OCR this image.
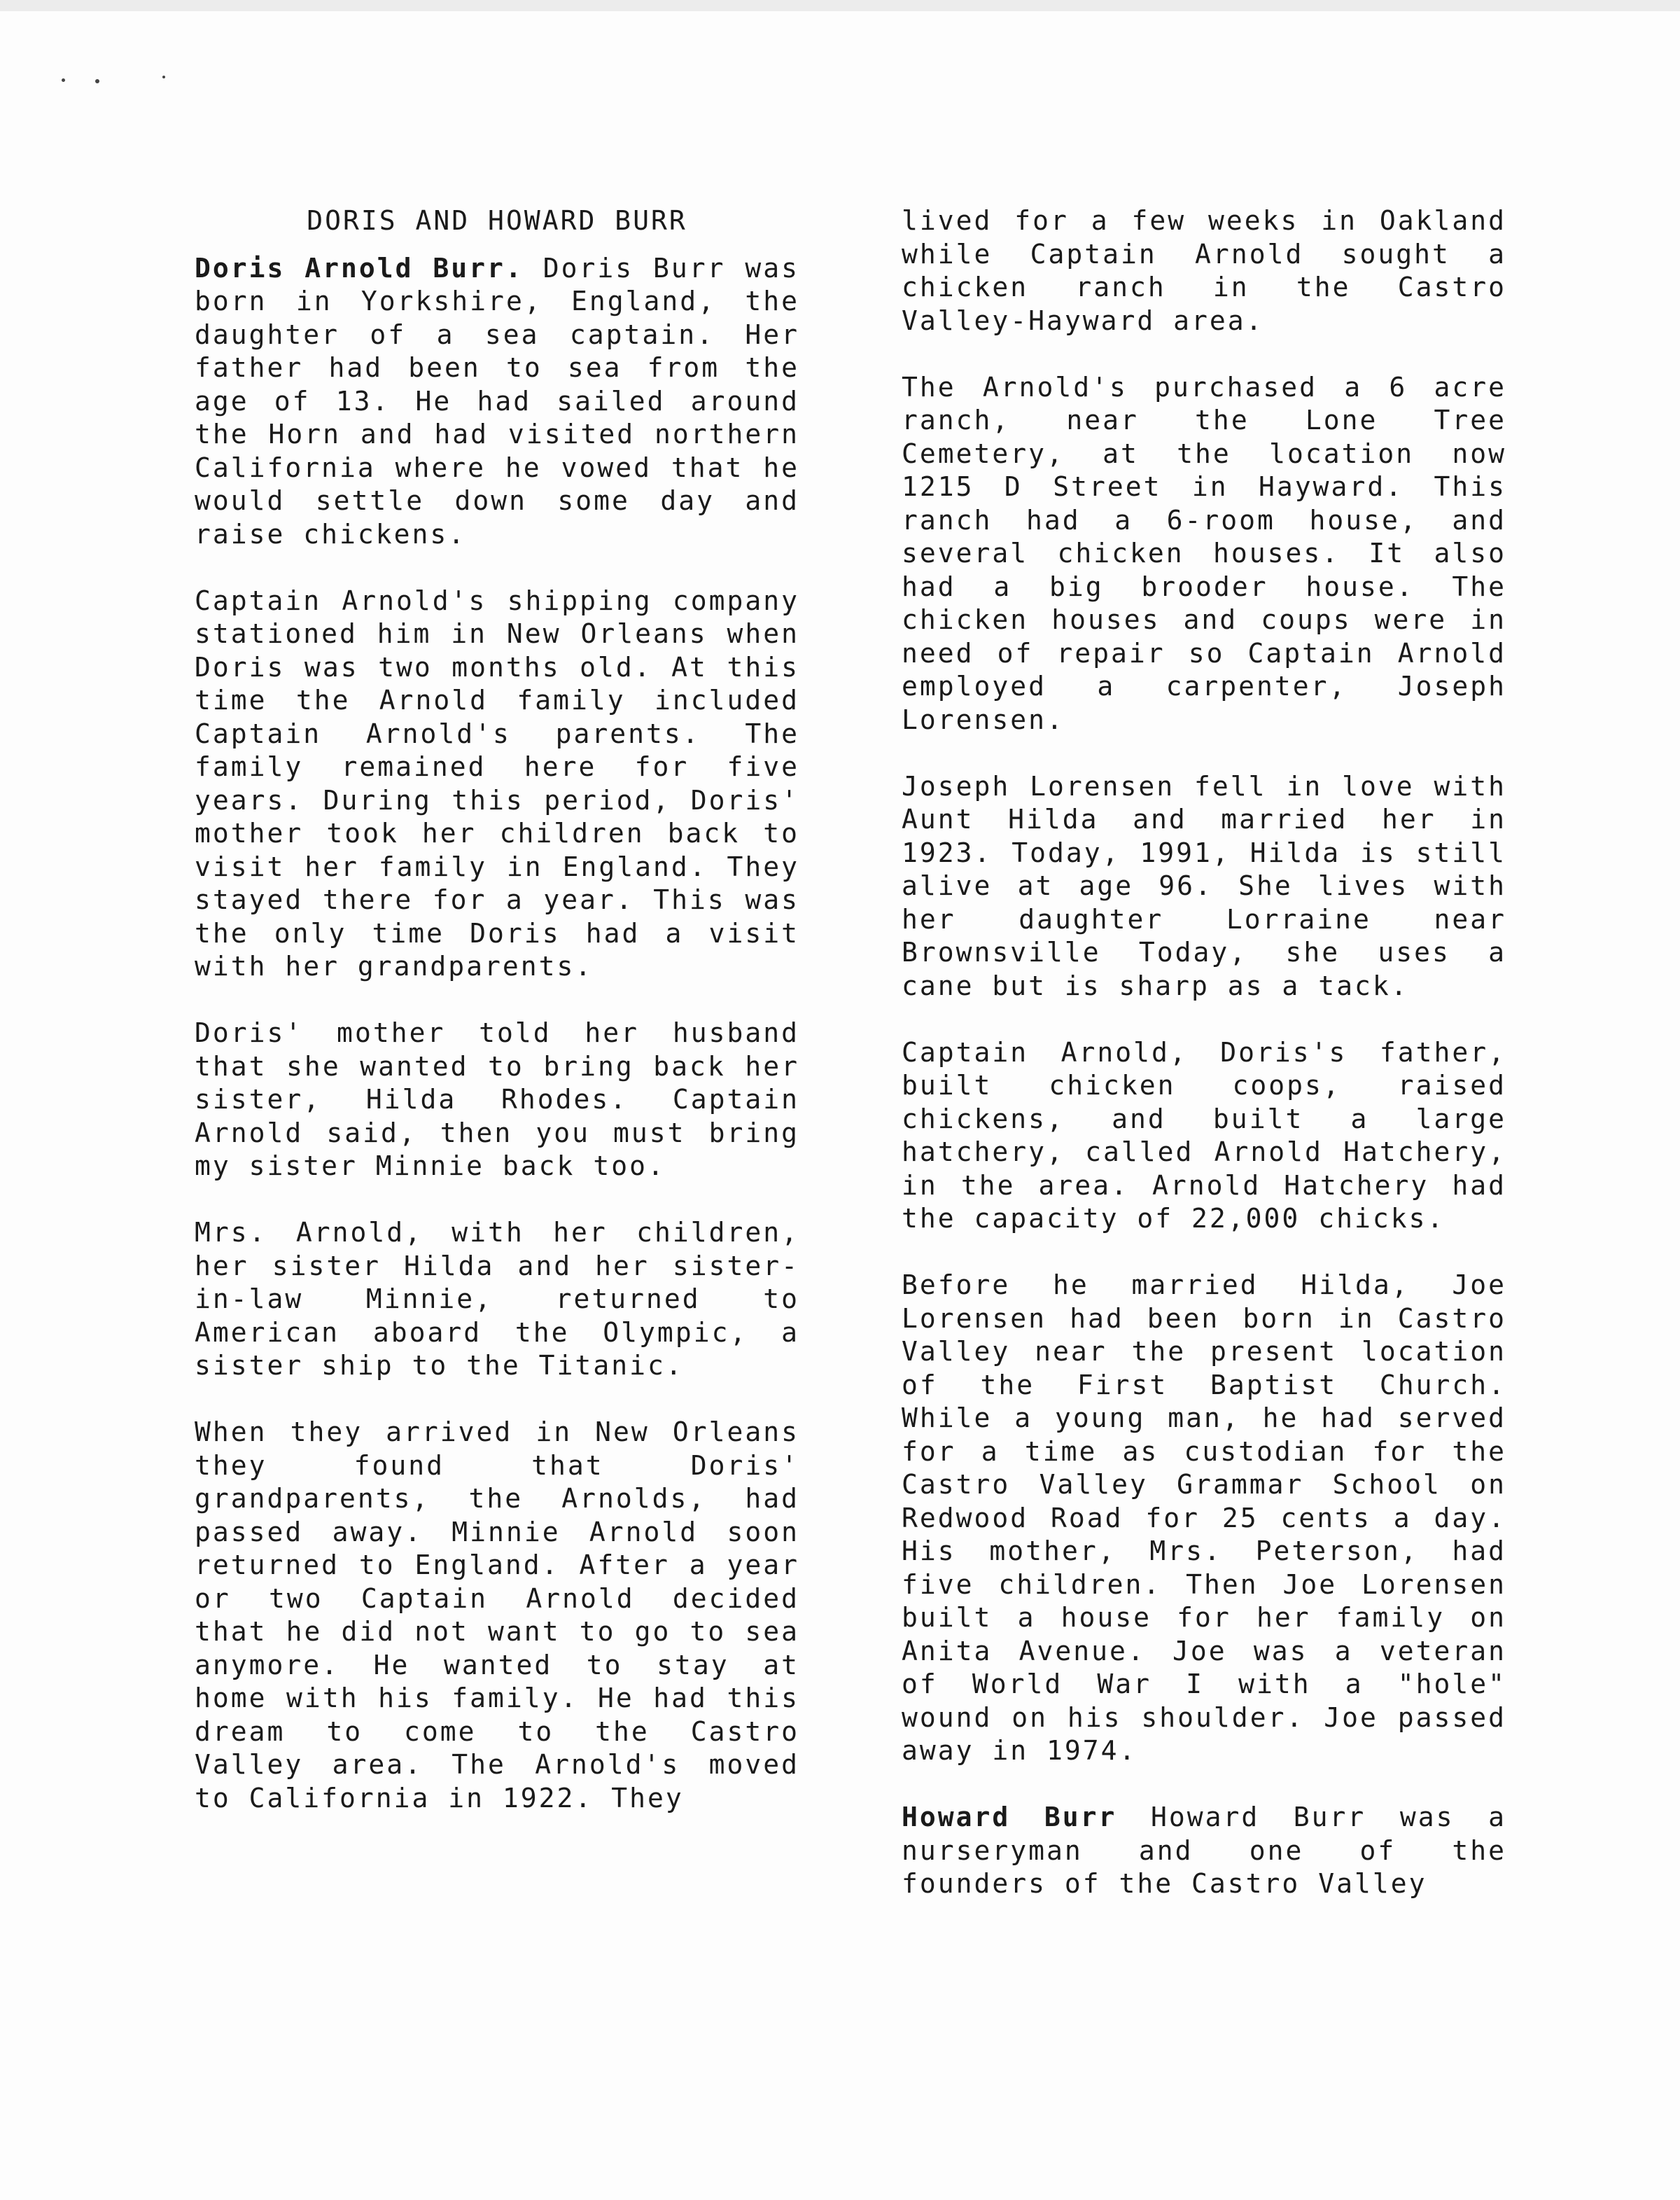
DORIS AND HOWARD BURR

Doris Arnold Burr. Doris Burr was born in Yorkshire, England, the daughter of a sea captain. Her father had been to sea from the age of 13. He had sailed around the Horn and had visited northern California where he vowed that he would settle down some day and raise chickens.

Captain Arnold's shipping company stationed him in New Orleans when Doris was two months old. At this time the Arnold family included Captain Arnold's parents. The family remained here for five years. During this period, Doris' mother took her children back to visit her family in England. They stayed there for a year. This was the only time Doris had a visit with her grandparents.

Doris' mother told her husband that she wanted to bring back her sister, Hilda Rhodes. Captain Arnold said, then you must bring my sister Minnie back too.

Mrs. Arnold, with her children, her sister Hilda and her sister-in-law Minnie, returned to American aboard the Olympic, a sister ship to the Titanic.

When they arrived in New Orleans they found that Doris' grandparents, the Arnolds, had passed away. Minnie Arnold soon returned to England. After a year or two Captain Arnold decided that he did not want to go to sea anymore. He wanted to stay at home with his family. He had this dream to come to the Castro Valley area. The Arnold's moved to California in 1922. They

lived for a few weeks in Oakland while Captain Arnold sought a chicken ranch in the Castro Valley-Hayward area.

The Arnold's purchased a 6 acre ranch, near the Lone Tree Cemetery, at the location now 1215 D Street in Hayward. This ranch had a 6-room house, and several chicken houses. It also had a big brooder house. The chicken houses and coups were in need of repair so Captain Arnold employed a carpenter, Joseph Lorensen.

Joseph Lorensen fell in love with Aunt Hilda and married her in 1923. Today, 1991, Hilda is still alive at age 96. She lives with her daughter Lorraine near Brownsville Today, she uses a cane but is sharp as a tack.

Captain Arnold, Doris's father, built chicken coops, raised chickens, and built a large hatchery, called Arnold Hatchery, in the area. Arnold Hatchery had the capacity of 22,000 chicks.

Before he married Hilda, Joe Lorensen had been born in Castro Valley near the present location of the First Baptist Church. While a young man, he had served for a time as custodian for the Castro Valley Grammar School on Redwood Road for 25 cents a day. His mother, Mrs. Peterson, had five children. Then Joe Lorensen built a house for her family on Anita Avenue. Joe was a veteran of World War I with a "hole" wound on his shoulder. Joe passed away in 1974.

Howard Burr Howard Burr was a nurseryman and one of the founders of the Castro Valley
